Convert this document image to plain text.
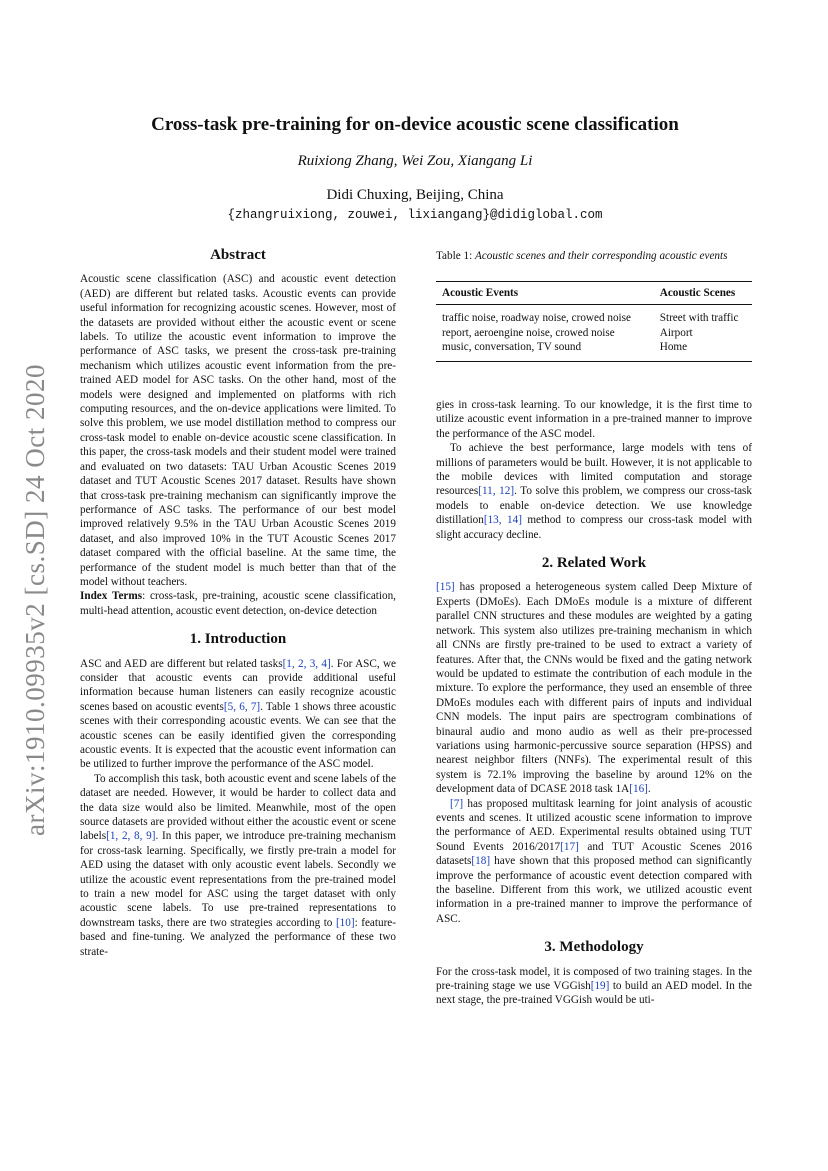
arXiv:1910.09935v2 [cs.SD] 24 Oct 2020
Cross-task pre-training for on-device acoustic scene classification
Ruixiong Zhang, Wei Zou, Xiangang Li
Didi Chuxing, Beijing, China
{zhangruixiong, zouwei, lixiangang}@didiglobal.com

Abstract

Acoustic scene classification (ASC) and acoustic event detection (AED) are different but related tasks. Acoustic events can provide useful information for recognizing acoustic scenes. However, most of the datasets are provided without either the acoustic event or scene labels. To utilize the acoustic event information to improve the performance of ASC tasks, we present the cross-task pre-training mechanism which utilizes acoustic event information from the pre-trained AED model for ASC tasks. On the other hand, most of the models were designed and implemented on platforms with rich computing resources, and the on-device applications were limited. To solve this problem, we use model distillation method to compress our cross-task model to enable on-device acoustic scene classification. In this paper, the cross-task models and their student model were trained and evaluated on two datasets: TAU Urban Acoustic Scenes 2019 dataset and TUT Acoustic Scenes 2017 dataset. Results have shown that cross-task pre-training mechanism can significantly improve the performance of ASC tasks. The performance of our best model improved relatively 9.5% in the TAU Urban Acoustic Scenes 2019 dataset, and also improved 10% in the TUT Acoustic Scenes 2017 dataset compared with the official baseline. At the same time, the performance of the student model is much better than that of the model without teachers.

Index Terms: cross-task, pre-training, acoustic scene classification, multi-head attention, acoustic event detection, on-device detection

1. Introduction

ASC and AED are different but related tasks[1, 2, 3, 4]. For ASC, we consider that acoustic events can provide additional useful information because human listeners can easily recognize acoustic scenes based on acoustic events[5, 6, 7]. Table 1 shows three acoustic scenes with their corresponding acoustic events. We can see that the acoustic scenes can be easily identified given the corresponding acoustic events. It is expected that the acoustic event information can be utilized to further improve the performance of the ASC model.

To accomplish this task, both acoustic event and scene labels of the dataset are needed. However, it would be harder to collect data and the data size would also be limited. Meanwhile, most of the open source datasets are provided without either the acoustic event or scene labels[1, 2, 8, 9]. In this paper, we introduce pre-training mechanism for cross-task learning. Specifically, we firstly pre-train a model for AED using the dataset with only acoustic event labels. Secondly we utilize the acoustic event representations from the pre-trained model to train a new model for ASC using the target dataset with only acoustic scene labels. To use pre-trained representations to downstream tasks, there are two strategies according to [10]: feature-based and fine-tuning. We analyzed the performance of these two strate-

Table 1: Acoustic scenes and their corresponding acoustic events

Acoustic Events	Acoustic Scenes
traffic noise, roadway noise, crowed noise	Street with traffic
report, aeroengine noise, crowed noise	Airport
music, conversation, TV sound	Home

gies in cross-task learning. To our knowledge, it is the first time to utilize acoustic event information in a pre-trained manner to improve the performance of the ASC model.

To achieve the best performance, large models with tens of millions of parameters would be built. However, it is not applicable to the mobile devices with limited computation and storage resources[11, 12]. To solve this problem, we compress our cross-task models to enable on-device detection. We use knowledge distillation[13, 14] method to compress our cross-task model with slight accuracy decline.

2. Related Work

[15] has proposed a heterogeneous system called Deep Mixture of Experts (DMoEs). Each DMoEs module is a mixture of different parallel CNN structures and these modules are weighted by a gating network. This system also utilizes pre-training mechanism in which all CNNs are firstly pre-trained to be used to extract a variety of features. After that, the CNNs would be fixed and the gating network would be updated to estimate the contribution of each module in the mixture. To explore the performance, they used an ensemble of three DMoEs modules each with different pairs of inputs and individual CNN models. The input pairs are spectrogram combinations of binaural audio and mono audio as well as their pre-processed variations using harmonic-percussive source separation (HPSS) and nearest neighbor filters (NNFs). The experimental result of this system is 72.1% improving the baseline by around 12% on the development data of DCASE 2018 task 1A[16].

[7] has proposed multitask learning for joint analysis of acoustic events and scenes. It utilized acoustic scene information to improve the performance of AED. Experimental results obtained using TUT Sound Events 2016/2017[17] and TUT Acoustic Scenes 2016 datasets[18] have shown that this proposed method can significantly improve the performance of acoustic event detection compared with the baseline. Different from this work, we utilized acoustic event information in a pre-trained manner to improve the performance of ASC.

3. Methodology

For the cross-task model, it is composed of two training stages. In the pre-training stage we use VGGish[19] to build an AED model. In the next stage, the pre-trained VGGish would be uti-
